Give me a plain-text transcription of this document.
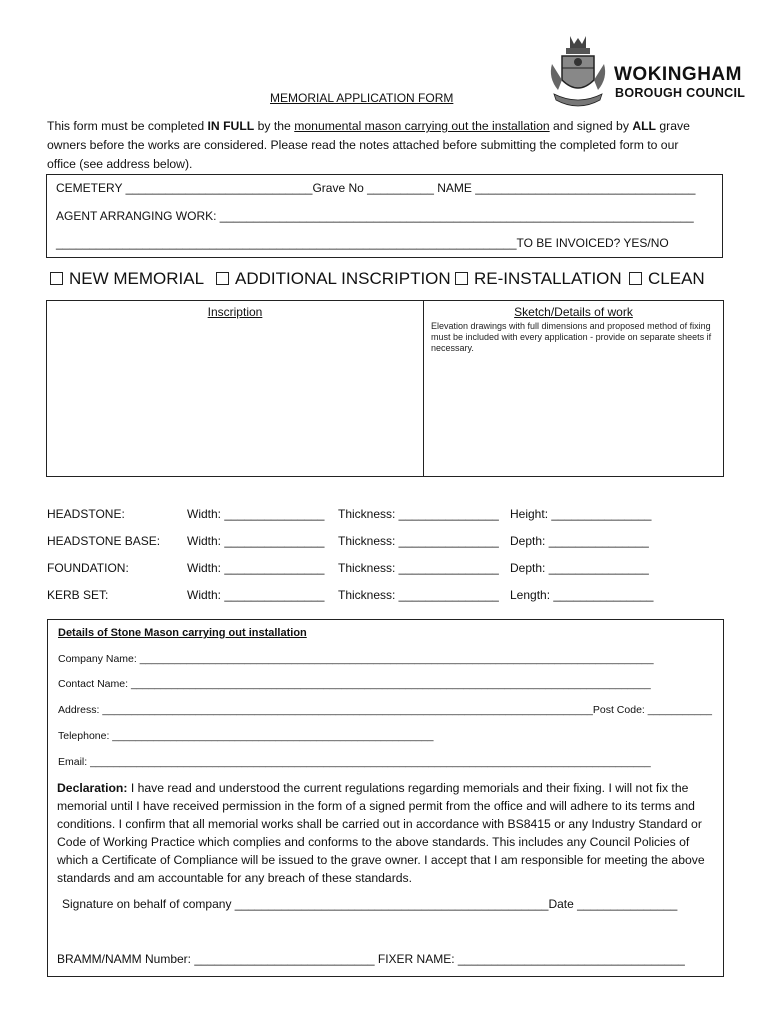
WOKINGHAM
BOROUGH COUNCIL
MEMORIAL APPLICATION FORM
This form must be completed IN FULL by the monumental mason carrying out the installation and signed by ALL grave owners before the works are considered. Please read the notes attached before submitting the completed form to our office (see address below).
CEMETERY ____________________________Grave No __________ NAME _________________________________
AGENT ARRANGING WORK: _______________________________________________________________________
_____________________________________________________________________TO BE INVOICED? YES/NO
NEW MEMORIAL	ADDITIONAL INSCRIPTION	RE-INSTALLATION	CLEAN
Inscription	Sketch/Details of work
Elevation drawings with full dimensions and proposed method of fixing must be included with every application - provide on separate sheets if necessary.
HEADSTONE:	Width: _______________ Thickness: _______________ Height: _______________
HEADSTONE BASE: Width: _______________ Thickness: _______________ Depth: _______________
FOUNDATION:	Width: _______________ Thickness: _______________ Depth: _______________
KERB SET:	Width: _______________ Thickness: _______________ Length: _______________
Details of Stone Mason carrying out installation
Company Name: ________________________________________________________________________________________
Contact Name: _________________________________________________________________________________________
Address: ____________________________________________________________________________________Post Code: ___________
Telephone: _______________________________________________________
Email: ________________________________________________________________________________________________
Declaration: I have read and understood the current regulations regarding memorials and their fixing. I will not fix the memorial until I have received permission in the form of a signed permit from the office and will adhere to its terms and conditions. I confirm that all memorial works shall be carried out in accordance with BS8415 or any Industry Standard or Code of Working Practice which complies and conforms to the above standards. This includes any Council Policies of which a Certificate of Compliance will be issued to the grave owner. I accept that I am responsible for meeting the above standards and am accountable for any breach of these standards.
Signature on behalf of company _______________________________________________Date _______________
BRAMM/NAMM Number: ___________________________ FIXER NAME: __________________________________
